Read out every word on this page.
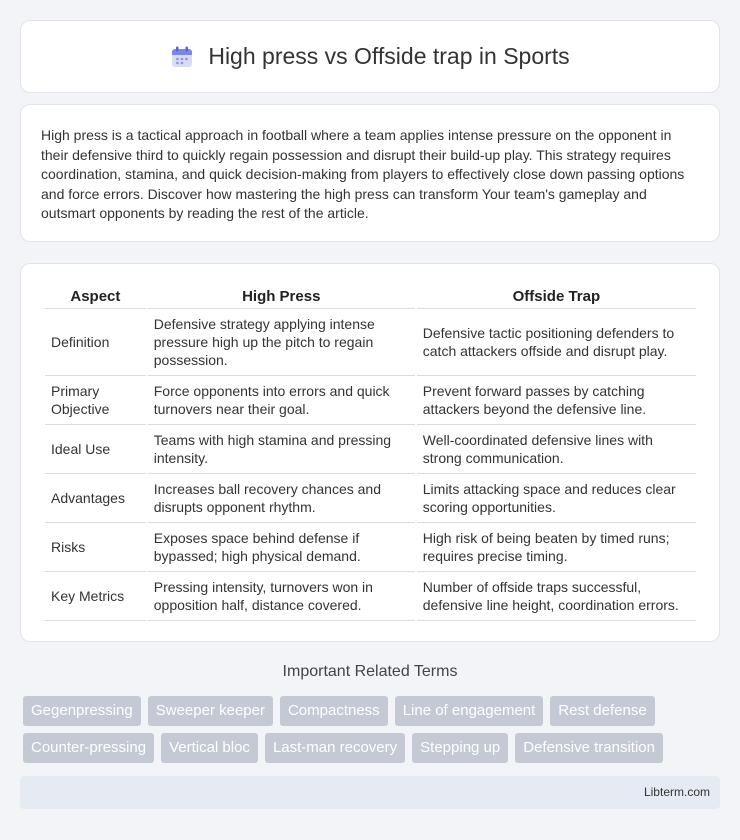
High press vs Offside trap in Sports

High press is a tactical approach in football where a team applies intense pressure on the opponent in their defensive third to quickly regain possession and disrupt their build-up play. This strategy requires coordination, stamina, and quick decision-making from players to effectively close down passing options and force errors. Discover how mastering the high press can transform Your team's gameplay and outsmart opponents by reading the rest of the article.

Aspect	High Press	Offside Trap
Definition	Defensive strategy applying intense pressure high up the pitch to regain possession.	Defensive tactic positioning defenders to catch attackers offside and disrupt play.
Primary Objective	Force opponents into errors and quick turnovers near their goal.	Prevent forward passes by catching attackers beyond the defensive line.
Ideal Use	Teams with high stamina and pressing intensity.	Well-coordinated defensive lines with strong communication.
Advantages	Increases ball recovery chances and disrupts opponent rhythm.	Limits attacking space and reduces clear scoring opportunities.
Risks	Exposes space behind defense if bypassed; high physical demand.	High risk of being beaten by timed runs; requires precise timing.
Key Metrics	Pressing intensity, turnovers won in opposition half, distance covered.	Number of offside traps successful, defensive line height, coordination errors.
Important Related Terms
Gegenpressing	Sweeper keeper	Compactness	Line of engagement	Rest defense
Counter-pressing	Vertical bloc	Last-man recovery	Stepping up	Defensive transition
Libterm.com
